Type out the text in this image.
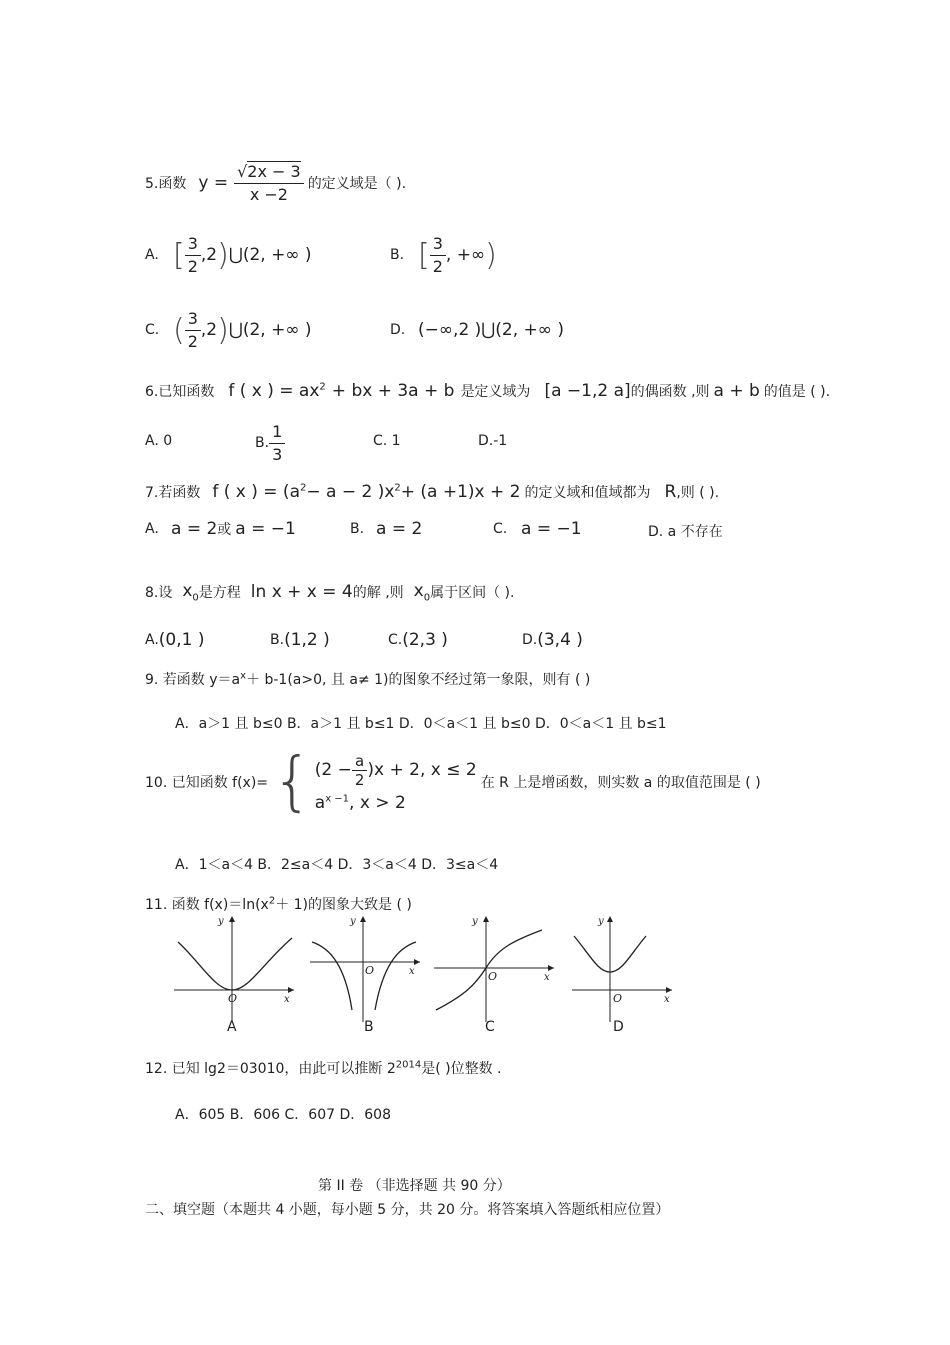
5.函数 $y = \frac{√2x - 3}{x -2}$ 的定义域是（ ).
A. [ $\frac{3}{2} ,2$ ) ⋃ (2, +∞ )	B. [ $\frac{3}{2}$ , +∞ )
C. ( $\frac{3}{2} ,2$ ) ⋃ (2, +∞ )	D. (−∞,2 ) ⋃ (2, +∞ )
6.已知函数 f ( x ) = $ax^2$ + bx + 3a + b 是定义域为 [a −1,2 a] 的偶函数 ,则 a + b 的值是 ( ).
A. 0	B. $\frac{1}{3}$	C. 1	D.-1
7.若函数 f ( x ) = ($a^2- a - 2$ )$x^2+ (a +1)x + 2$ 的定义域和值域都为 R ,则 ( ).
A. a = 2 或 a = −1	B. a = 2	C. a = −1	D. a 不存在
8.设 $x_0$ 是方程 ln x + x = 4 的解 ,则 $x_0$ 属于区间（ ).
A. (0,1 )	B. (1,2 )	C. (2,3 )	D. (3,4 )
9. 若函数 $y=a^x+ b-1(a>0$, 且 a≠ 1)的图象不经过第一象限，则有 ( )
A．a＞1 且 b≤0 B．a＞1 且 b≤1 D．0＜a＜1 且 b≤0 D．0＜a＜1 且 b≤1
10. 已知函数 f(x)= { $(2 - \frac{a}{2} )x + 2$, x ≤ 2
$a^{x -1}$, x > 2
在 R 上是增函数，则实数 a 的取值范围是 ( )
A．1＜a＜4 B．2≤a＜4 D．3＜a＜4 D．3≤a＜4
11. 函数 $f(x)=\ln(x^2+ 1)$的图象大致是 ( )
y
x
O
y
x
O
y
x
O
y
x
O
A	B	C	D
12. 已知 lg2＝03010，由此可以推断 $2^{2014}$是( )位整数 .
A．605 B．606 C．607 D．608
第 II 卷 （非选择题 共 90 分）
二、填空题（本题共 4 小题，每小题 5 分，共 20 分。将答案填入答题纸相应位置）
